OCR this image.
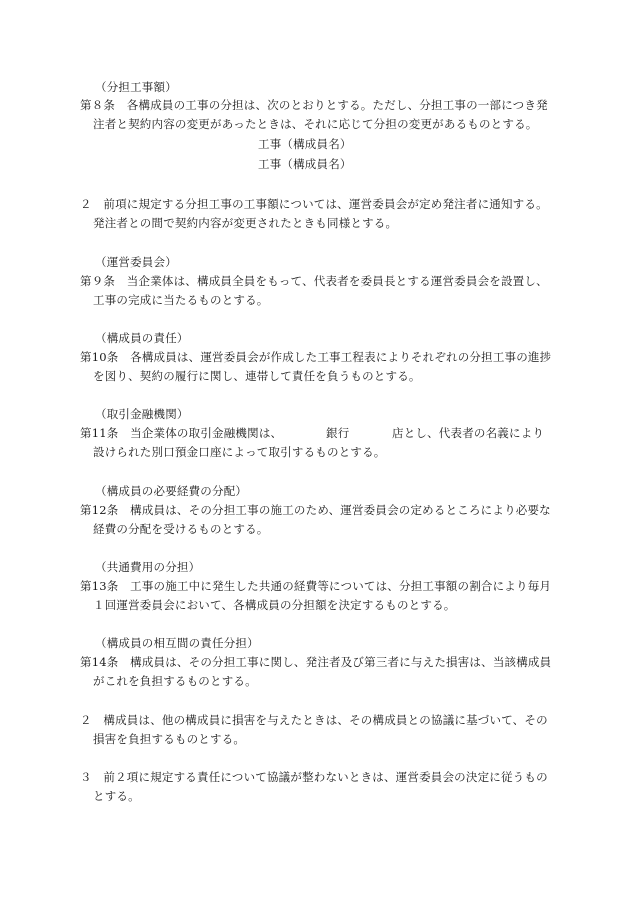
（分担工事額）
第８条　各構成員の工事の分担は、次のとおりとする。ただし、分担工事の一部につき発
注者と契約内容の変更があったときは、それに応じて分担の変更があるものとする。
工事（構成員名）
工事（構成員名）
２　前項に規定する分担工事の工事額については、運営委員会が定め発注者に通知する。
発注者との間で契約内容が変更されたときも同様とする。
（運営委員会）
第９条　当企業体は、構成員全員をもって、代表者を委員長とする運営委員会を設置し、
工事の完成に当たるものとする。
（構成員の責任）
第10条　各構成員は、運営委員会が作成した工事工程表によりそれぞれの分担工事の進捗
を図り、契約の履行に関し、連帯して責任を負うものとする。
（取引金融機関）
第11条　当企業体の取引金融機関は、	銀行	店とし、代表者の名義により
設けられた別口預金口座によって取引するものとする。
（構成員の必要経費の分配）
第12条　構成員は、その分担工事の施工のため、運営委員会の定めるところにより必要な
経費の分配を受けるものとする。
（共通費用の分担）
第13条　工事の施工中に発生した共通の経費等については、分担工事額の割合により毎月
１回運営委員会において、各構成員の分担額を決定するものとする。
（構成員の相互間の責任分担）
第14条　構成員は、その分担工事に関し、発注者及び第三者に与えた損害は、当該構成員
がこれを負担するものとする。
２　構成員は、他の構成員に損害を与えたときは、その構成員との協議に基づいて、その
損害を負担するものとする。
３　前２項に規定する責任について協議が整わないときは、運営委員会の決定に従うもの
とする。
